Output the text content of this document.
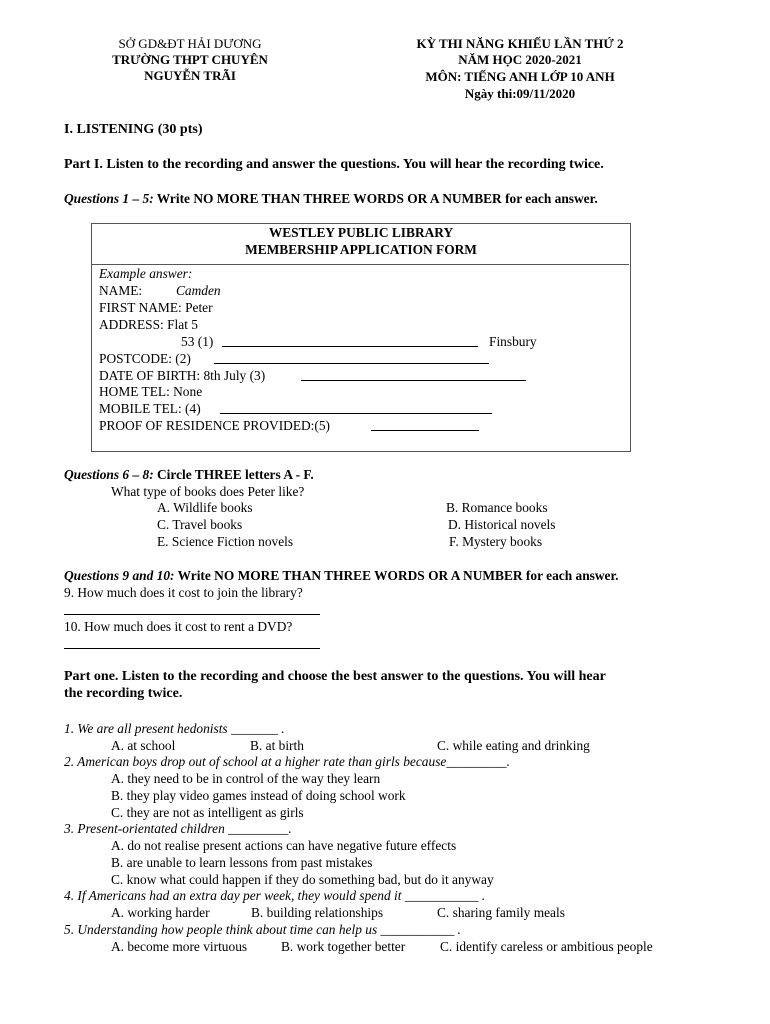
SỞ GD&ĐT HẢI DƯƠNG
TRƯỜNG THPT CHUYÊN
NGUYỄN TRÃI
KỲ THI NĂNG KHIẾU LẦN THỨ 2
NĂM HỌC 2020-2021
MÔN: TIẾNG ANH LỚP 10 ANH
Ngày thi:09/11/2020
I. LISTENING (30 pts)
Part I. Listen to the recording and answer the questions. You will hear the recording twice.
Questions 1 – 5: Write NO MORE THAN THREE WORDS OR A NUMBER for each answer.
WESTLEY PUBLIC LIBRARY
MEMBERSHIP APPLICATION FORM
Example answer:
NAME:	Camden
FIRST NAME: Peter
ADDRESS: Flat 5
53 (1)	Finsbury
POSTCODE: (2)
DATE OF BIRTH: 8th July (3)
HOME TEL: None
MOBILE TEL: (4)
PROOF OF RESIDENCE PROVIDED:(5)
Questions 6 – 8: Circle THREE letters A - F.
What type of books does Peter like?
A. Wildlife books	B. Romance books
C. Travel books	D. Historical novels
E. Science Fiction novels	F. Mystery books
Questions 9 and 10: Write NO MORE THAN THREE WORDS OR A NUMBER for each answer.
9. How much does it cost to join the library?
10. How much does it cost to rent a DVD?
Part one. Listen to the recording and choose the best answer to the questions. You will hear
the recording twice.
1. We are all present hedonists _______ .
A. at school	B. at birth	C. while eating and drinking
2. American boys drop out of school at a higher rate than girls because_________.
A. they need to be in control of the way they learn
B. they play video games instead of doing school work
C. they are not as intelligent as girls
3. Present-orientated children _________.
A. do not realise present actions can have negative future effects
B. are unable to learn lessons from past mistakes
C. know what could happen if they do something bad, but do it anyway
4. If Americans had an extra day per week, they would spend it ___________ .
A. working harder	B. building relationships	C. sharing family meals
5. Understanding how people think about time can help us ___________ .
A. become more virtuous	B. work together better	C. identify careless or ambitious people
